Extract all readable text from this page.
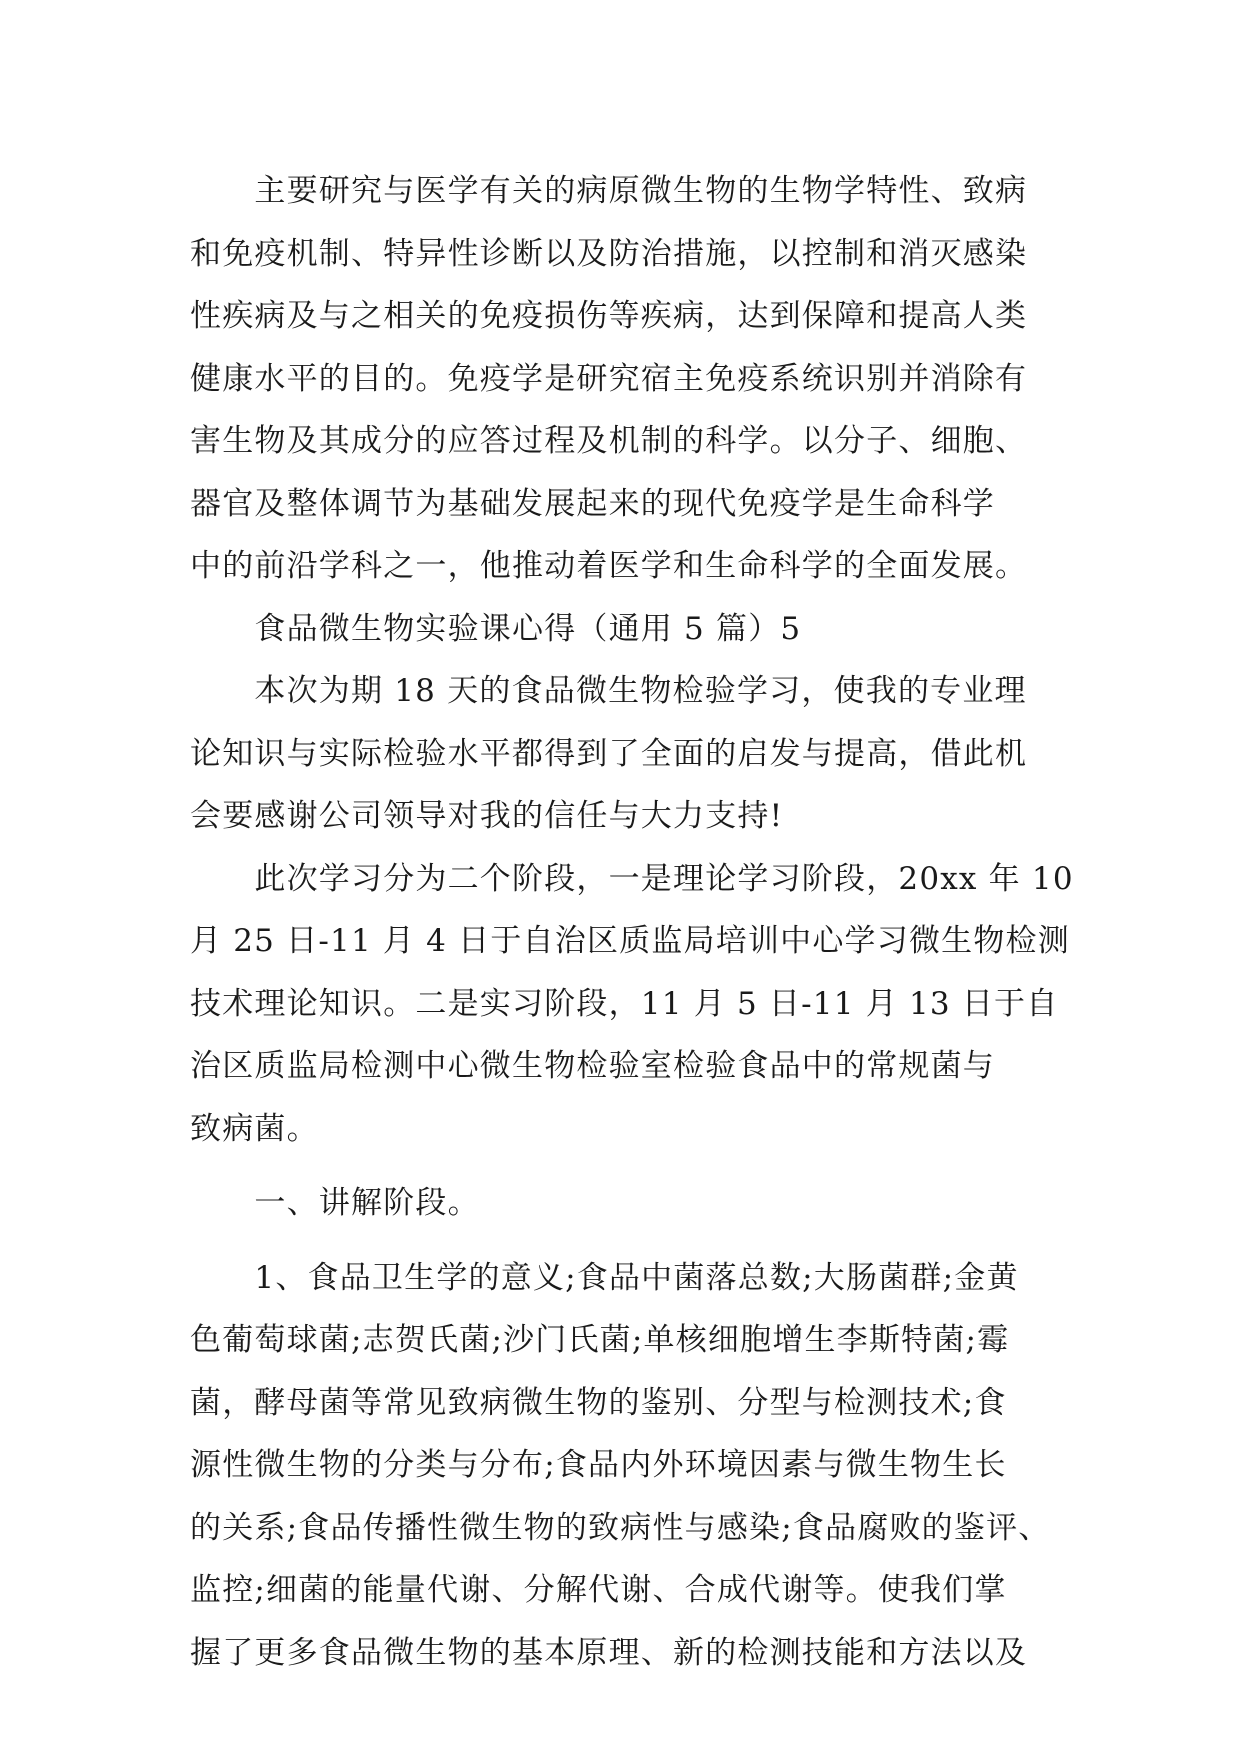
　　主要研究与医学有关的病原微生物的生物学特性、致病
和免疫机制、特异性诊断以及防治措施，以控制和消灭感染
性疾病及与之相关的免疫损伤等疾病，达到保障和提高人类
健康水平的目的。免疫学是研究宿主免疫系统识别并消除有
害生物及其成分的应答过程及机制的科学。以分子、细胞、
器官及整体调节为基础发展起来的现代免疫学是生命科学
中的前沿学科之一，他推动着医学和生命科学的全面发展。
　　食品微生物实验课心得（通用 5 篇）5
　　本次为期 18 天的食品微生物检验学习，使我的专业理
论知识与实际检验水平都得到了全面的启发与提高，借此机
会要感谢公司领导对我的信任与大力支持!
　　此次学习分为二个阶段，一是理论学习阶段，20xx 年 10
月 25 日-11 月 4 日于自治区质监局培训中心学习微生物检测
技术理论知识。二是实习阶段，11 月 5 日-11 月 13 日于自
治区质监局检测中心微生物检验室检验食品中的常规菌与
致病菌。
　　一、讲解阶段。
　　1、食品卫生学的意义;食品中菌落总数;大肠菌群;金黄
色葡萄球菌;志贺氏菌;沙门氏菌;单核细胞增生李斯特菌;霉
菌，酵母菌等常见致病微生物的鉴别、分型与检测技术;食
源性微生物的分类与分布;食品内外环境因素与微生物生长
的关系;食品传播性微生物的致病性与感染;食品腐败的鉴评、
监控;细菌的能量代谢、分解代谢、合成代谢等。使我们掌
握了更多食品微生物的基本原理、新的检测技能和方法以及
